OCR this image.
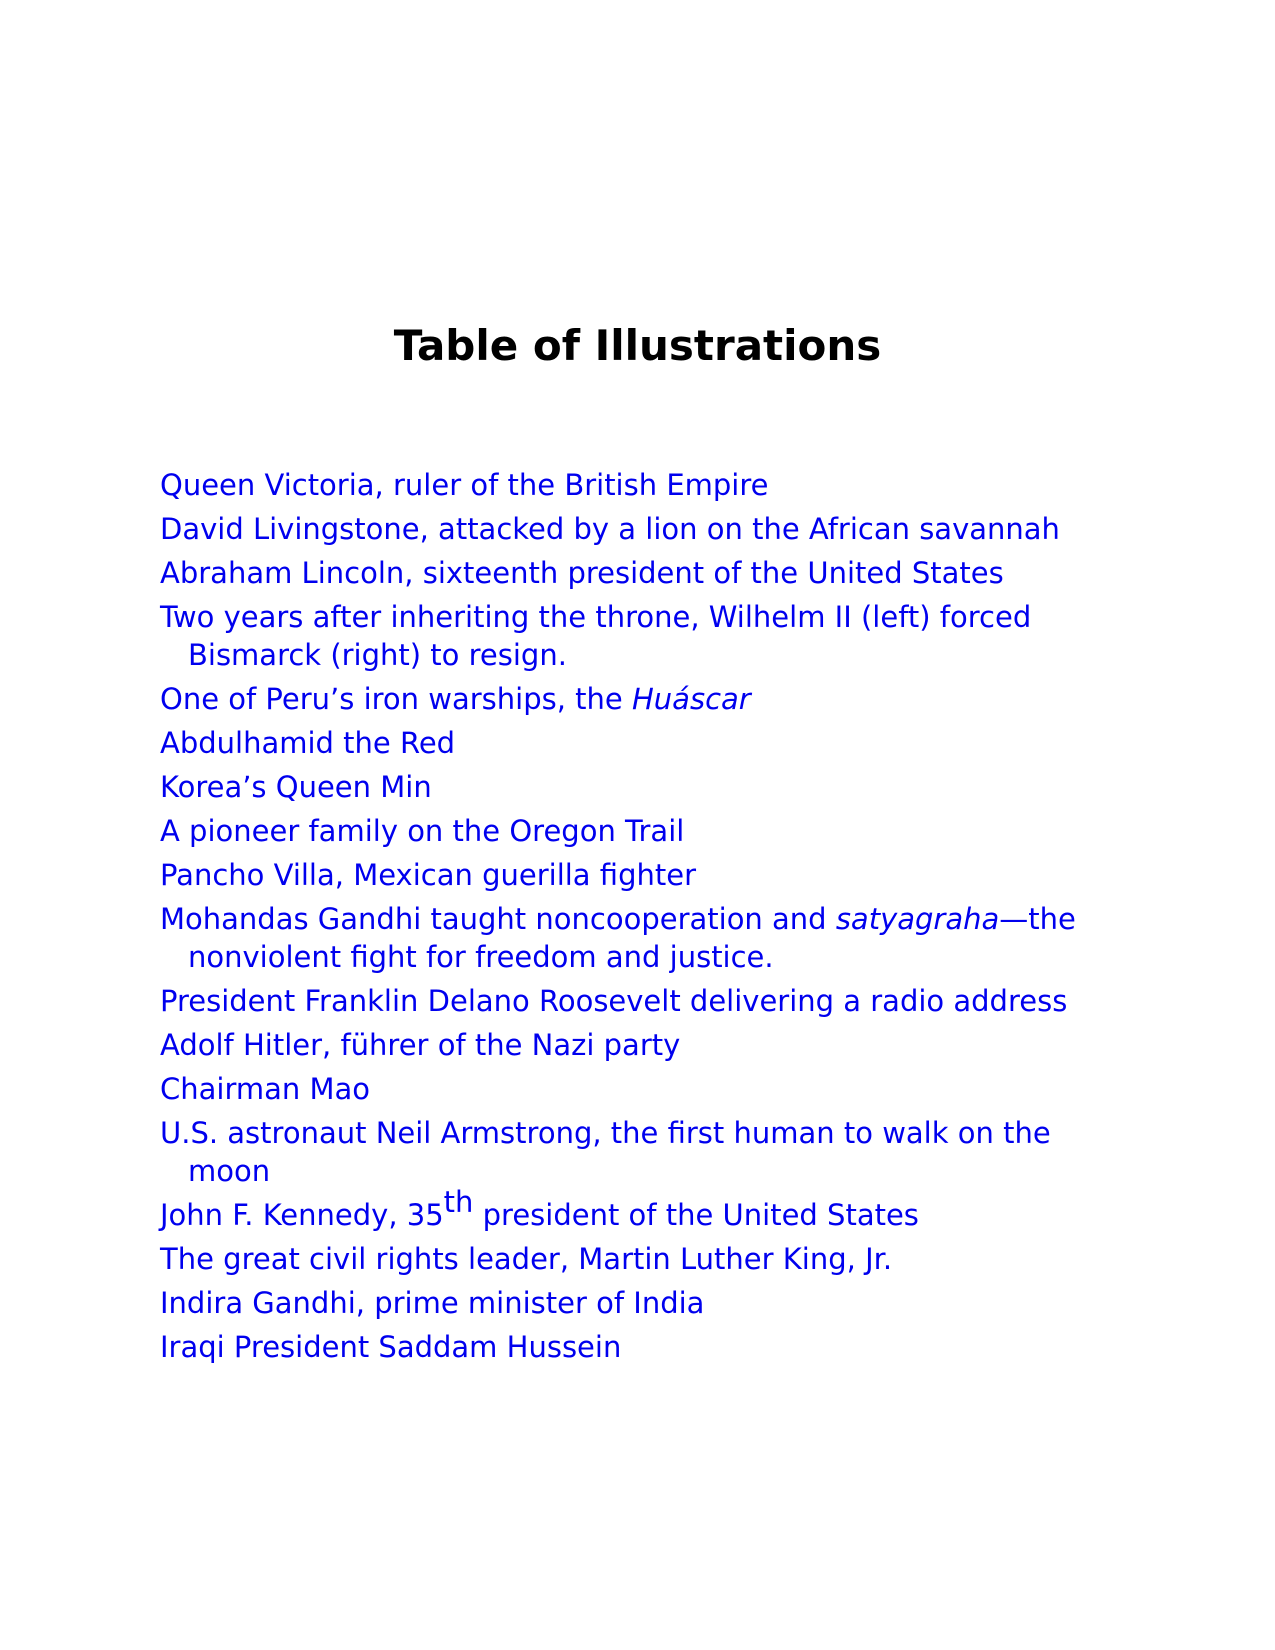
Table of Illustrations
Queen Victoria, ruler of the British Empire
David Livingstone, attacked by a lion on the African savannah
Abraham Lincoln, sixteenth president of the United States
Two years after inheriting the throne, Wilhelm II (left) forced Bismarck (right) to resign.
One of Peru’s iron warships, the Huáscar
Abdulhamid the Red
Korea’s Queen Min
A pioneer family on the Oregon Trail
Pancho Villa, Mexican guerilla fighter
Mohandas Gandhi taught noncooperation and satyagraha—the nonviolent fight for freedom and justice.
President Franklin Delano Roosevelt delivering a radio address
Adolf Hitler, führer of the Nazi party
Chairman Mao
U.S. astronaut Neil Armstrong, the first human to walk on the moon
John F. Kennedy, 35th president of the United States
The great civil rights leader, Martin Luther King, Jr.
Indira Gandhi, prime minister of India
Iraqi President Saddam Hussein
